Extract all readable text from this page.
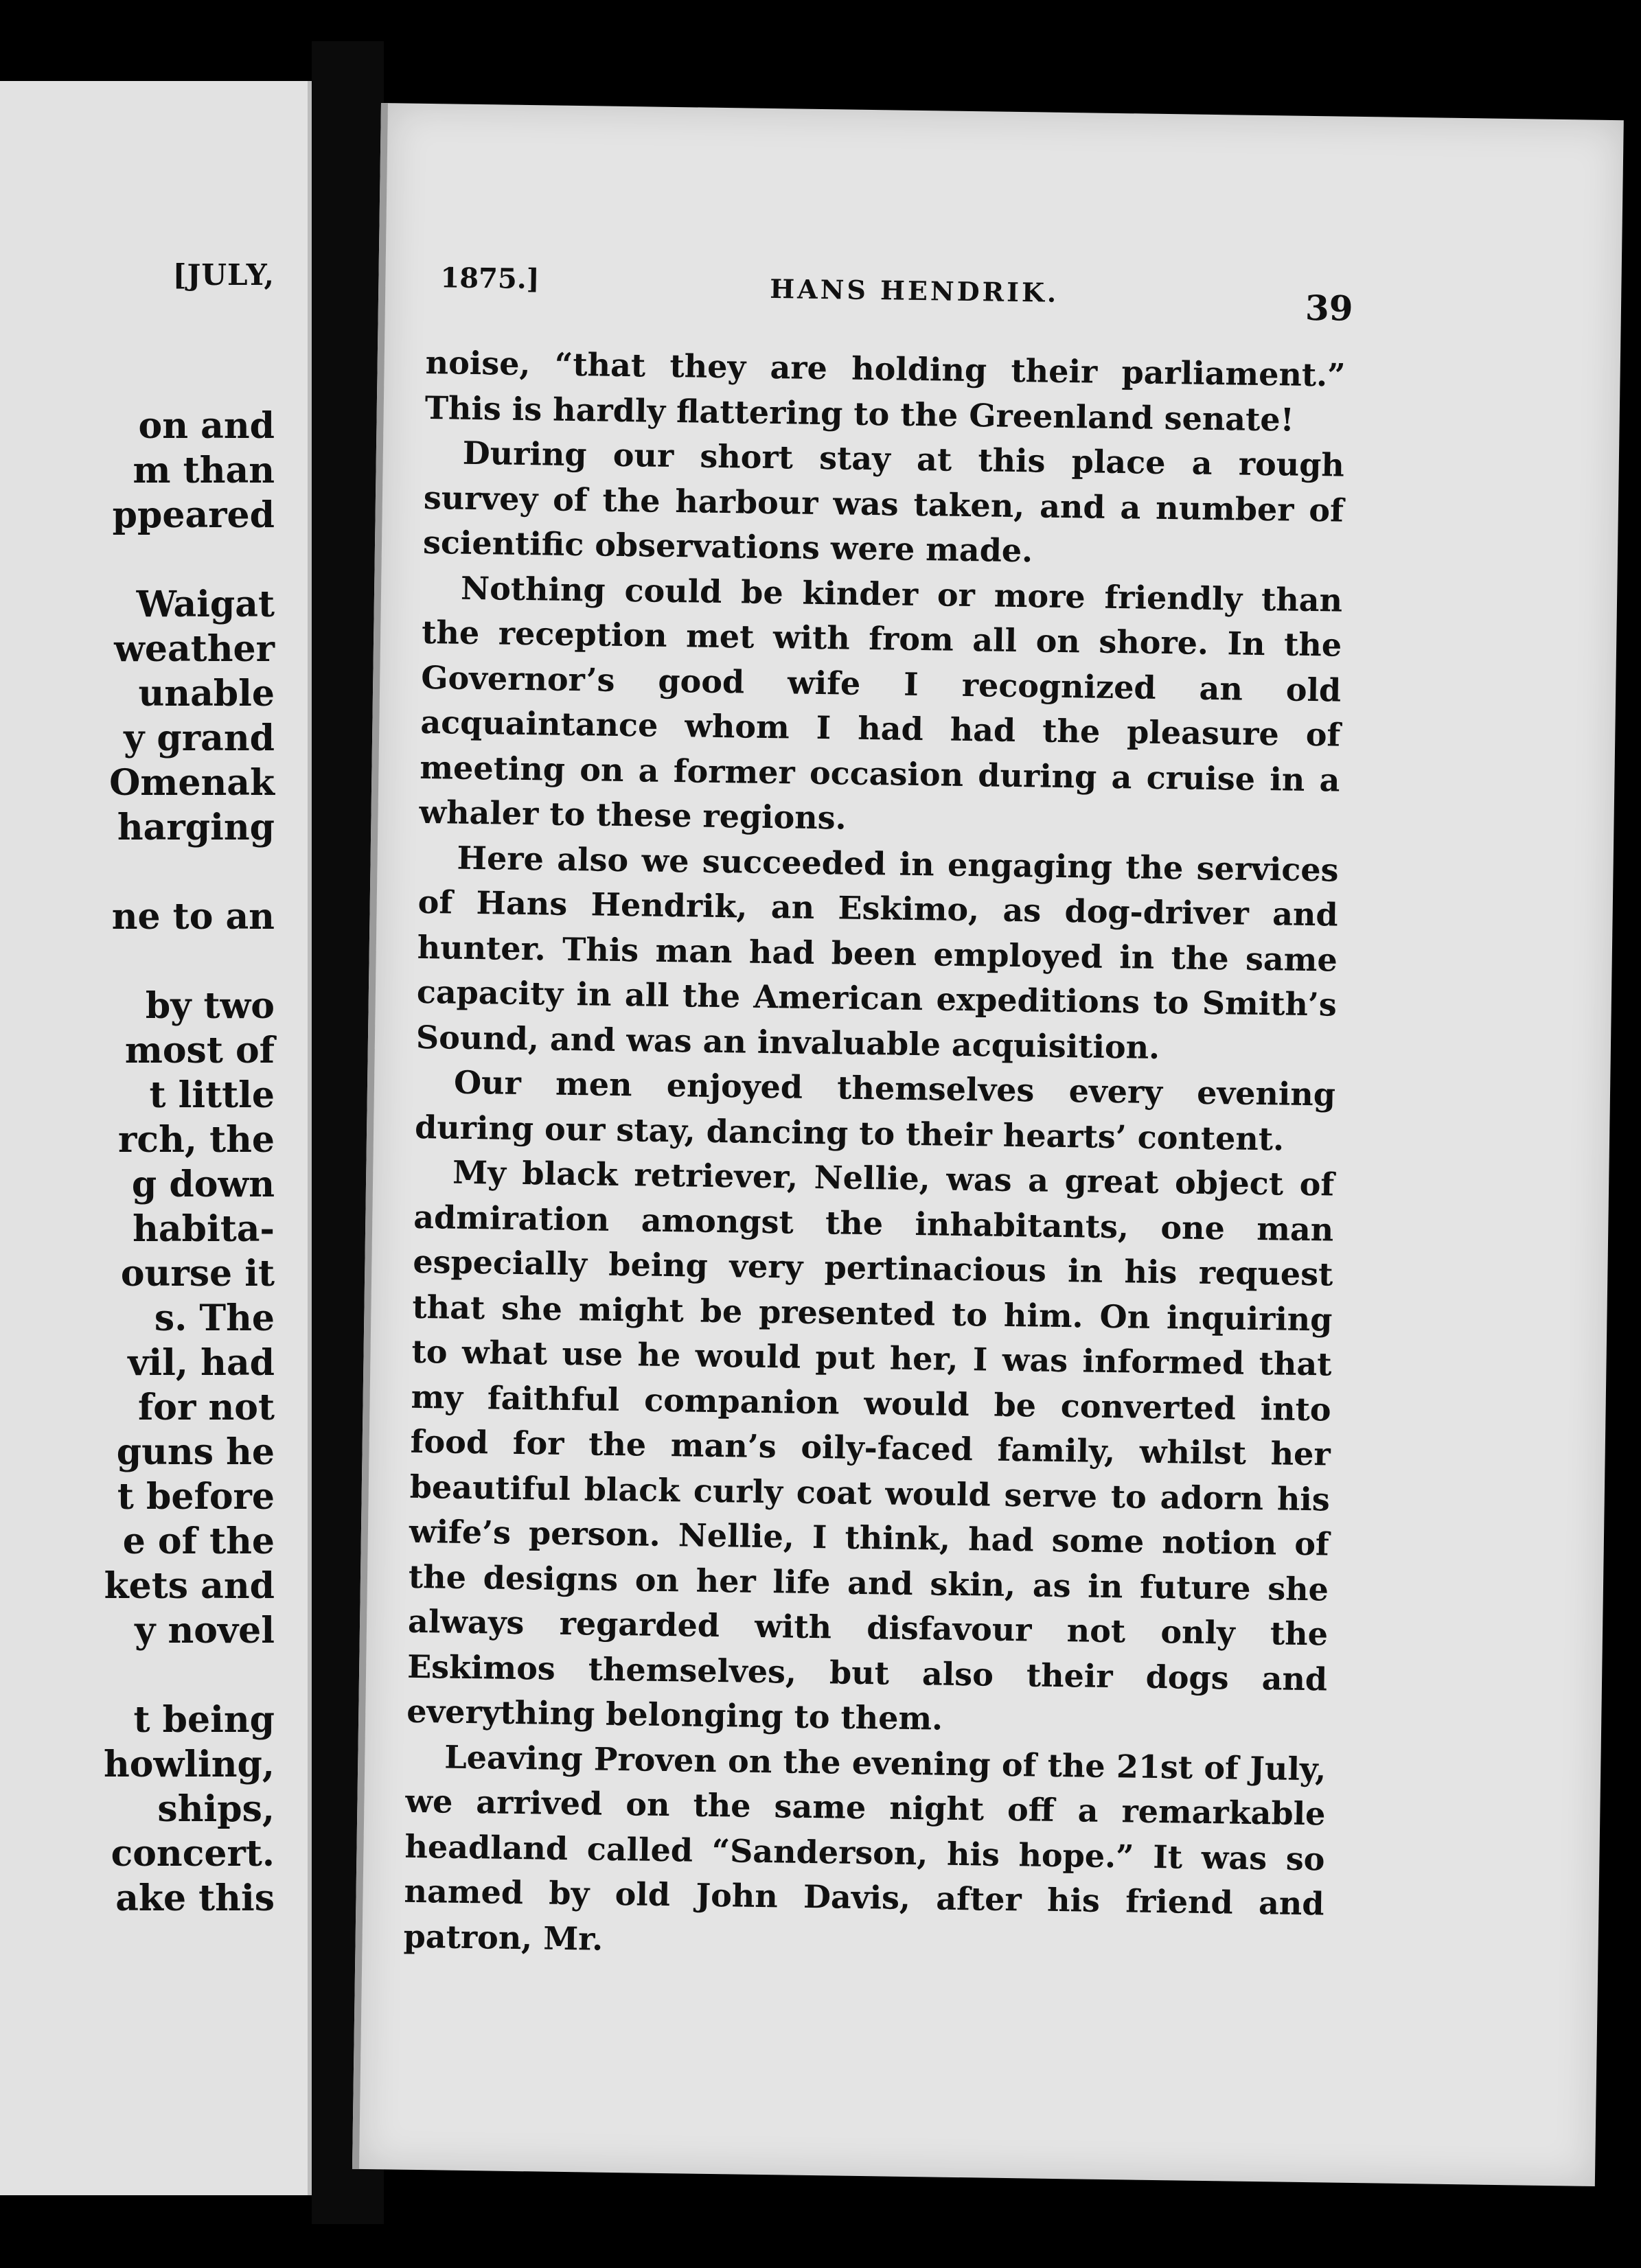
[JULY,
on and
m than
ppeared
Waigat
weather
unable
y grand
Omenak
harging
ne to an
by two
most of
t little
rch, the
g down
habita-
ourse it
s. The
vil, had
for not
guns he
t before
e of the
kets and
y novel
t being
howling,
ships,
concert.
ake this
1875.]	HANS HENDRIK.	39

noise, “that they are holding their parliament.” This is hardly flattering to the Greenland senate!

During our short stay at this place a rough survey of the harbour was taken, and a number of scientific observations were made.

Nothing could be kinder or more friendly than the reception met with from all on shore. In the Governor’s good wife I recognized an old acquaintance whom I had had the pleasure of meeting on a former occasion during a cruise in a whaler to these regions.

Here also we succeeded in engaging the services of Hans Hendrik, an Eskimo, as dog-driver and hunter. This man had been employed in the same capacity in all the American expeditions to Smith’s Sound, and was an invaluable acquisition.

Our men enjoyed themselves every evening during our stay, dancing to their hearts’ content.

My black retriever, Nellie, was a great object of admiration amongst the inhabitants, one man especially being very pertinacious in his request that she might be presented to him. On inquiring to what use he would put her, I was informed that my faithful companion would be converted into food for the man’s oily-faced family, whilst her beautiful black curly coat would serve to adorn his wife’s person. Nellie, I think, had some notion of the designs on her life and skin, as in future she always regarded with disfavour not only the Eskimos themselves, but also their dogs and everything belonging to them.

Leaving Proven on the evening of the 21st of July, we arrived on the same night off a remarkable headland called “Sanderson, his hope.” It was so named by old John Davis, after his friend and patron, Mr.
